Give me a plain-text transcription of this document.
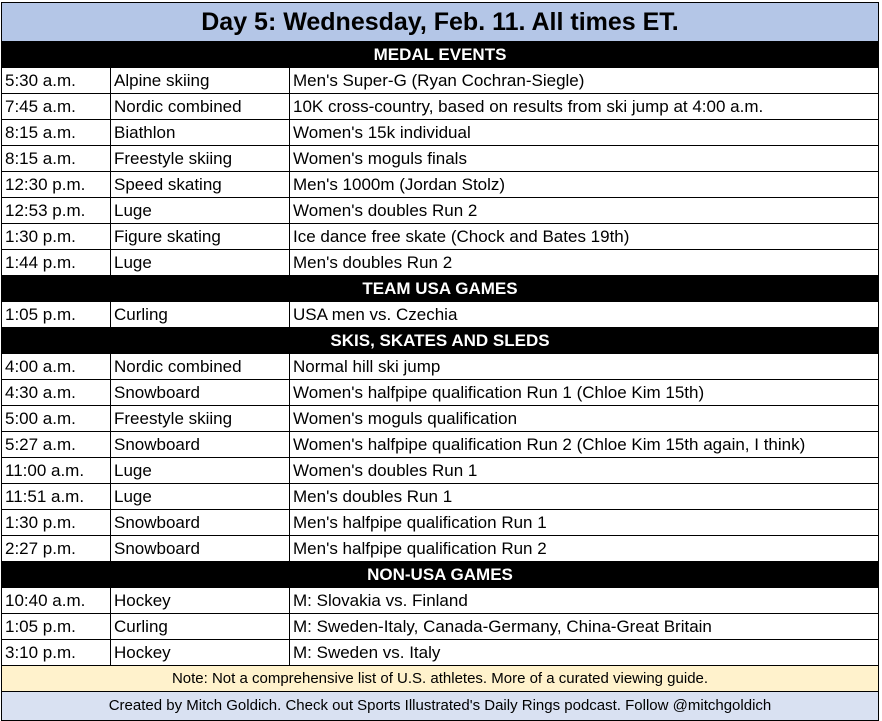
Day 5: Wednesday, Feb. 11. All times ET.
MEDAL EVENTS
5:30 a.m.	Alpine skiing	Men's Super-G (Ryan Cochran-Siegle)
7:45 a.m.	Nordic combined	10K cross-country, based on results from ski jump at 4:00 a.m.
8:15 a.m.	Biathlon	Women's 15k individual
8:15 a.m.	Freestyle skiing	Women's moguls finals
12:30 p.m.	Speed skating	Men's 1000m (Jordan Stolz)
12:53 p.m.	Luge	Women's doubles Run 2
1:30 p.m.	Figure skating	Ice dance free skate (Chock and Bates 19th)
1:44 p.m.	Luge	Men's doubles Run 2
TEAM USA GAMES
1:05 p.m.	Curling	USA men vs. Czechia
SKIS, SKATES AND SLEDS
4:00 a.m.	Nordic combined	Normal hill ski jump
4:30 a.m.	Snowboard	Women's halfpipe qualification Run 1 (Chloe Kim 15th)
5:00 a.m.	Freestyle skiing	Women's moguls qualification
5:27 a.m.	Snowboard	Women's halfpipe qualification Run 2 (Chloe Kim 15th again, I think)
11:00 a.m.	Luge	Women's doubles Run 1
11:51 a.m.	Luge	Men's doubles Run 1
1:30 p.m.	Snowboard	Men's halfpipe qualification Run 1
2:27 p.m.	Snowboard	Men's halfpipe qualification Run 2
NON-USA GAMES
10:40 a.m.	Hockey	M: Slovakia vs. Finland
1:05 p.m.	Curling	M: Sweden-Italy, Canada-Germany, China-Great Britain
3:10 p.m.	Hockey	M: Sweden vs. Italy
Note: Not a comprehensive list of U.S. athletes. More of a curated viewing guide.
Created by Mitch Goldich. Check out Sports Illustrated's Daily Rings podcast. Follow @mitchgoldich
